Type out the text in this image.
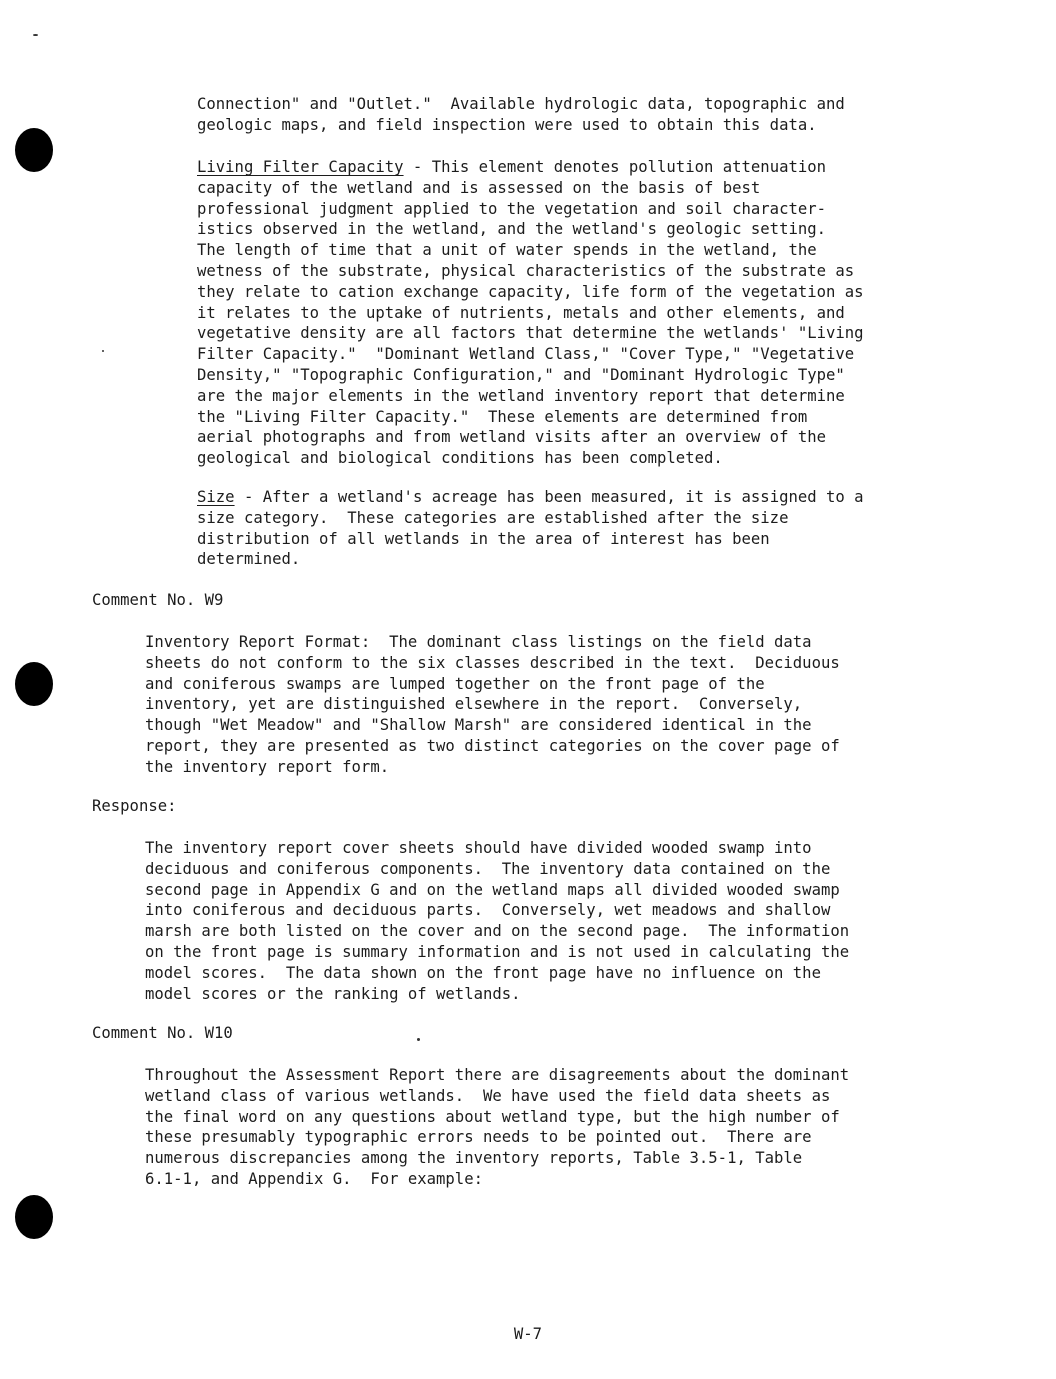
Connection" and "Outlet."  Available hydrologic data, topographic and
geologic maps, and field inspection were used to obtain this data.
Living Filter Capacity - This element denotes pollution attenuation
capacity of the wetland and is assessed on the basis of best
professional judgment applied to the vegetation and soil character-
istics observed in the wetland, and the wetland's geologic setting.
The length of time that a unit of water spends in the wetland, the
wetness of the substrate, physical characteristics of the substrate as
they relate to cation exchange capacity, life form of the vegetation as
it relates to the uptake of nutrients, metals and other elements, and
vegetative density are all factors that determine the wetlands' "Living
Filter Capacity."  "Dominant Wetland Class," "Cover Type," "Vegetative
Density," "Topographic Configuration," and "Dominant Hydrologic Type"
are the major elements in the wetland inventory report that determine
the "Living Filter Capacity."  These elements are determined from
aerial photographs and from wetland visits after an overview of the
geological and biological conditions has been completed.
Size - After a wetland's acreage has been measured, it is assigned to a
size category.  These categories are established after the size
distribution of all wetlands in the area of interest has been
determined.
Comment No. W9
Inventory Report Format:  The dominant class listings on the field data
sheets do not conform to the six classes described in the text.  Deciduous
and coniferous swamps are lumped together on the front page of the
inventory, yet are distinguished elsewhere in the report.  Conversely,
though "Wet Meadow" and "Shallow Marsh" are considered identical in the
report, they are presented as two distinct categories on the cover page of
the inventory report form.
Response:
The inventory report cover sheets should have divided wooded swamp into
deciduous and coniferous components.  The inventory data contained on the
second page in Appendix G and on the wetland maps all divided wooded swamp
into coniferous and deciduous parts.  Conversely, wet meadows and shallow
marsh are both listed on the cover and on the second page.  The information
on the front page is summary information and is not used in calculating the
model scores.  The data shown on the front page have no influence on the
model scores or the ranking of wetlands.
Comment No. W10
Throughout the Assessment Report there are disagreements about the dominant
wetland class of various wetlands.  We have used the field data sheets as
the final word on any questions about wetland type, but the high number of
these presumably typographic errors needs to be pointed out.  There are
numerous discrepancies among the inventory reports, Table 3.5-1, Table
6.1-1, and Appendix G.  For example:
W-7
